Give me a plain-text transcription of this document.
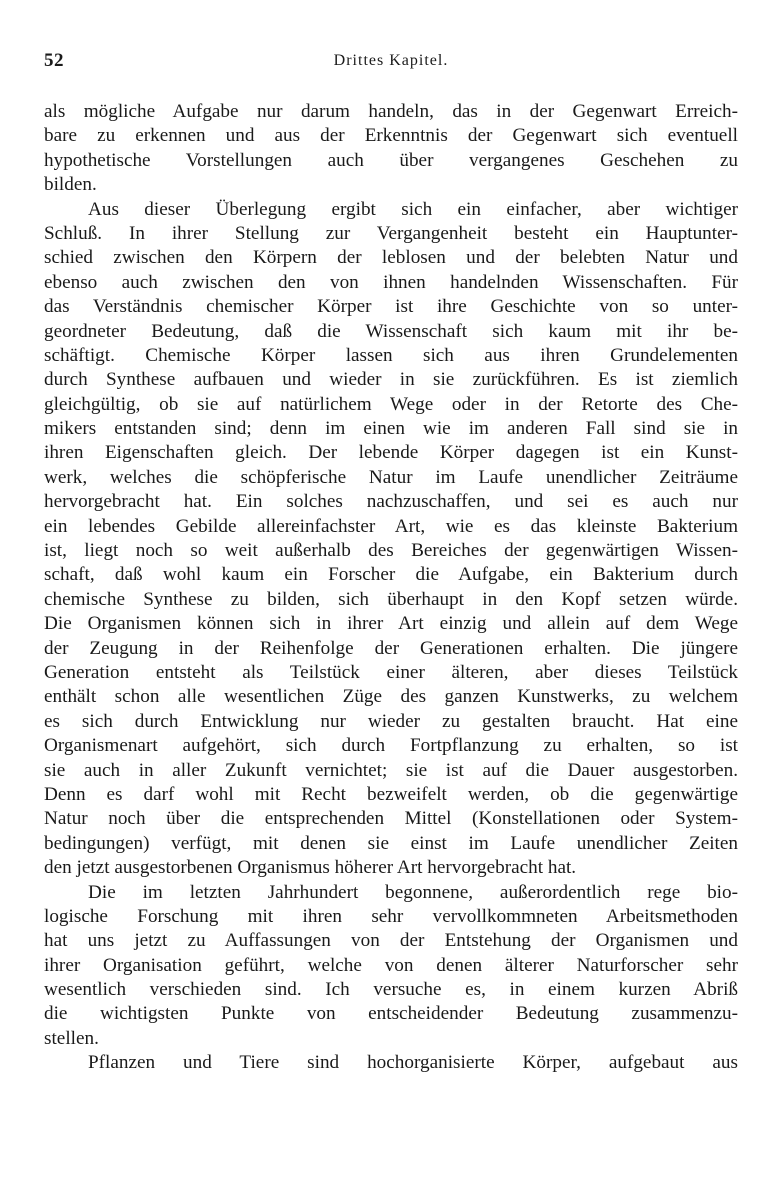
52	Drittes Kapitel.
als mögliche Aufgabe nur darum handeln, das in der Gegenwart Erreich-
bare zu erkennen und aus der Erkenntnis der Gegenwart sich eventuell
hypothetische Vorstellungen auch über vergangenes Geschehen zu
bilden.
Aus dieser Überlegung ergibt sich ein einfacher, aber wichtiger
Schluß. In ihrer Stellung zur Vergangenheit besteht ein Hauptunter-
schied zwischen den Körpern der leblosen und der belebten Natur und
ebenso auch zwischen den von ihnen handelnden Wissenschaften. Für
das Verständnis chemischer Körper ist ihre Geschichte von so unter-
geordneter Bedeutung, daß die Wissenschaft sich kaum mit ihr be-
schäftigt. Chemische Körper lassen sich aus ihren Grundelementen
durch Synthese aufbauen und wieder in sie zurückführen. Es ist ziemlich
gleichgültig, ob sie auf natürlichem Wege oder in der Retorte des Che-
mikers entstanden sind; denn im einen wie im anderen Fall sind sie in
ihren Eigenschaften gleich. Der lebende Körper dagegen ist ein Kunst-
werk, welches die schöpferische Natur im Laufe unendlicher Zeiträume
hervorgebracht hat. Ein solches nachzuschaffen, und sei es auch nur
ein lebendes Gebilde allereinfachster Art, wie es das kleinste Bakterium
ist, liegt noch so weit außerhalb des Bereiches der gegenwärtigen Wissen-
schaft, daß wohl kaum ein Forscher die Aufgabe, ein Bakterium durch
chemische Synthese zu bilden, sich überhaupt in den Kopf setzen würde.
Die Organismen können sich in ihrer Art einzig und allein auf dem Wege
der Zeugung in der Reihenfolge der Generationen erhalten. Die jüngere
Generation entsteht als Teilstück einer älteren, aber dieses Teilstück
enthält schon alle wesentlichen Züge des ganzen Kunstwerks, zu welchem
es sich durch Entwicklung nur wieder zu gestalten braucht. Hat eine
Organismenart aufgehört, sich durch Fortpflanzung zu erhalten, so ist
sie auch in aller Zukunft vernichtet; sie ist auf die Dauer ausgestorben.
Denn es darf wohl mit Recht bezweifelt werden, ob die gegenwärtige
Natur noch über die entsprechenden Mittel (Konstellationen oder System-
bedingungen) verfügt, mit denen sie einst im Laufe unendlicher Zeiten
den jetzt ausgestorbenen Organismus höherer Art hervorgebracht hat.
Die im letzten Jahrhundert begonnene, außerordentlich rege bio-
logische Forschung mit ihren sehr vervollkommneten Arbeitsmethoden
hat uns jetzt zu Auffassungen von der Entstehung der Organismen und
ihrer Organisation geführt, welche von denen älterer Naturforscher sehr
wesentlich verschieden sind. Ich versuche es, in einem kurzen Abriß
die wichtigsten Punkte von entscheidender Bedeutung zusammenzu-
stellen.
Pflanzen und Tiere sind hochorganisierte Körper, aufgebaut aus
